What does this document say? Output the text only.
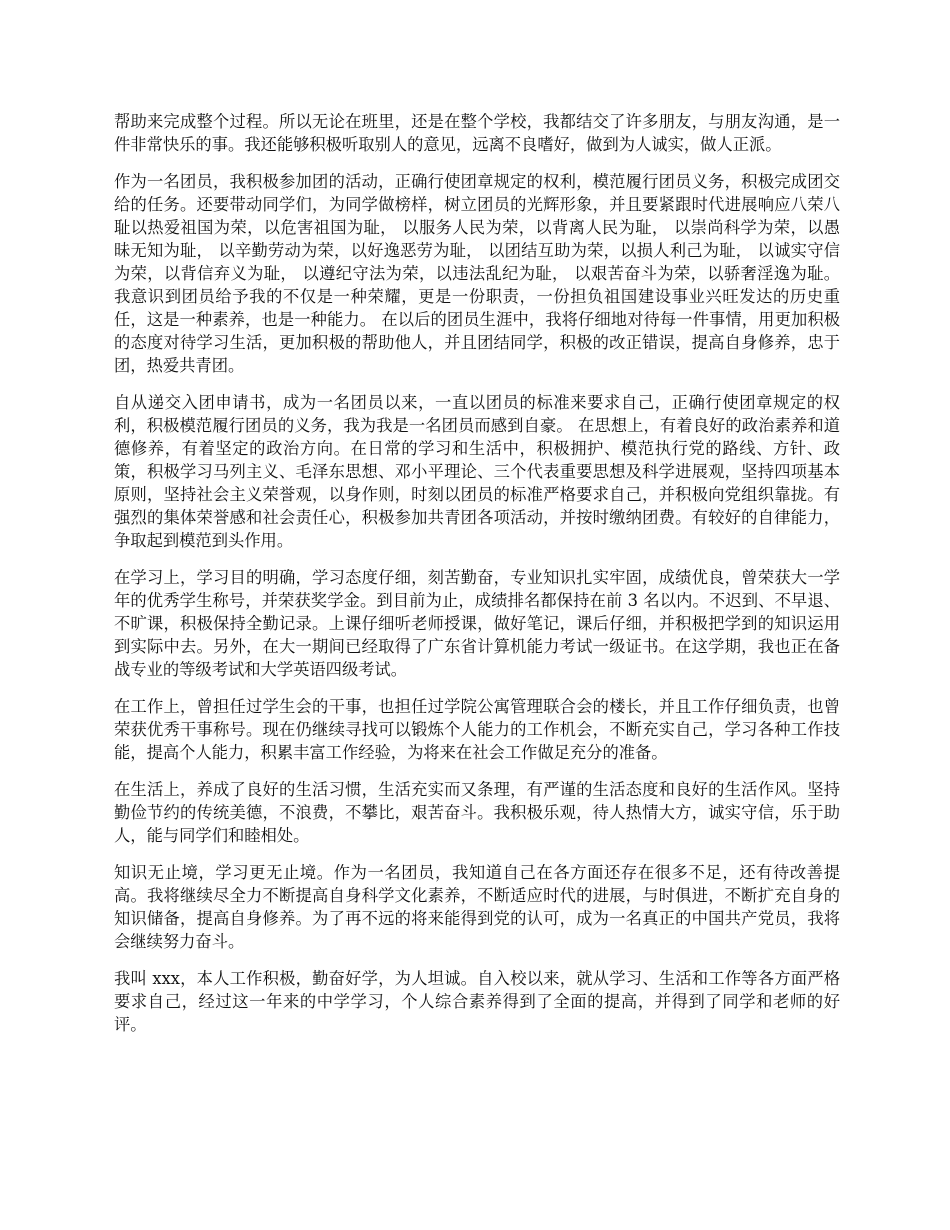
帮助来完成整个过程。所以无论在班里，还是在整个学校，我都结交了许多朋友，与朋友沟通，是一件非常快乐的事。我还能够积极听取别人的意见，远离不良嗜好，做到为人诚实，做人正派。

作为一名团员，我积极参加团的活动，正确行使团章规定的权利，模范履行团员义务，积极完成团交给的任务。还要带动同学们，为同学做榜样，树立团员的光辉形象，并且要紧跟时代进展响应八荣八耻以热爱祖国为荣，以危害祖国为耻， 以服务人民为荣，以背离人民为耻， 以崇尚科学为荣，以愚昧无知为耻， 以辛勤劳动为荣，以好逸恶劳为耻， 以团结互助为荣，以损人利己为耻， 以诚实守信为荣，以背信弃义为耻， 以遵纪守法为荣，以违法乱纪为耻， 以艰苦奋斗为荣，以骄奢淫逸为耻。我意识到团员给予我的不仅是一种荣耀，更是一份职责，一份担负祖国建设事业兴旺发达的历史重任，这是一种素养，也是一种能力。 在以后的团员生涯中，我将仔细地对待每一件事情，用更加积极的态度对待学习生活，更加积极的帮助他人，并且团结同学，积极的改正错误，提高自身修养，忠于团，热爱共青团。

自从递交入团申请书，成为一名团员以来，一直以团员的标准来要求自己，正确行使团章规定的权利，积极模范履行团员的义务，我为我是一名团员而感到自豪。 在思想上，有着良好的政治素养和道德修养，有着坚定的政治方向。在日常的学习和生活中，积极拥护、模范执行党的路线、方针、政策，积极学习马列主义、毛泽东思想、邓小平理论、三个代表重要思想及科学进展观，坚持四项基本原则，坚持社会主义荣誉观，以身作则，时刻以团员的标准严格要求自己，并积极向党组织靠拢。有强烈的集体荣誉感和社会责任心，积极参加共青团各项活动，并按时缴纳团费。有较好的自律能力，争取起到模范到头作用。

在学习上，学习目的明确，学习态度仔细，刻苦勤奋，专业知识扎实牢固，成绩优良，曾荣获大一学年的优秀学生称号，并荣获奖学金。到目前为止，成绩排名都保持在前 3 名以内。不迟到、不早退、不旷课，积极保持全勤记录。上课仔细听老师授课，做好笔记，课后仔细，并积极把学到的知识运用到实际中去。另外，在大一期间已经取得了广东省计算机能力考试一级证书。在这学期，我也正在备战专业的等级考试和大学英语四级考试。

在工作上，曾担任过学生会的干事，也担任过学院公寓管理联合会的楼长，并且工作仔细负责，也曾荣获优秀干事称号。现在仍继续寻找可以锻炼个人能力的工作机会，不断充实自己，学习各种工作技能，提高个人能力，积累丰富工作经验，为将来在社会工作做足充分的准备。

在生活上，养成了良好的生活习惯，生活充实而又条理，有严谨的生活态度和良好的生活作风。坚持勤俭节约的传统美德，不浪费，不攀比，艰苦奋斗。我积极乐观，待人热情大方，诚实守信，乐于助人，能与同学们和睦相处。

知识无止境，学习更无止境。作为一名团员，我知道自己在各方面还存在很多不足，还有待改善提高。我将继续尽全力不断提高自身科学文化素养，不断适应时代的进展，与时俱进，不断扩充自身的知识储备，提高自身修养。为了再不远的将来能得到党的认可，成为一名真正的中国共产党员，我将会继续努力奋斗。

我叫 xxx，本人工作积极，勤奋好学，为人坦诚。自入校以来，就从学习、生活和工作等各方面严格要求自己，经过这一年来的中学学习，个人综合素养得到了全面的提高，并得到了同学和老师的好评。
